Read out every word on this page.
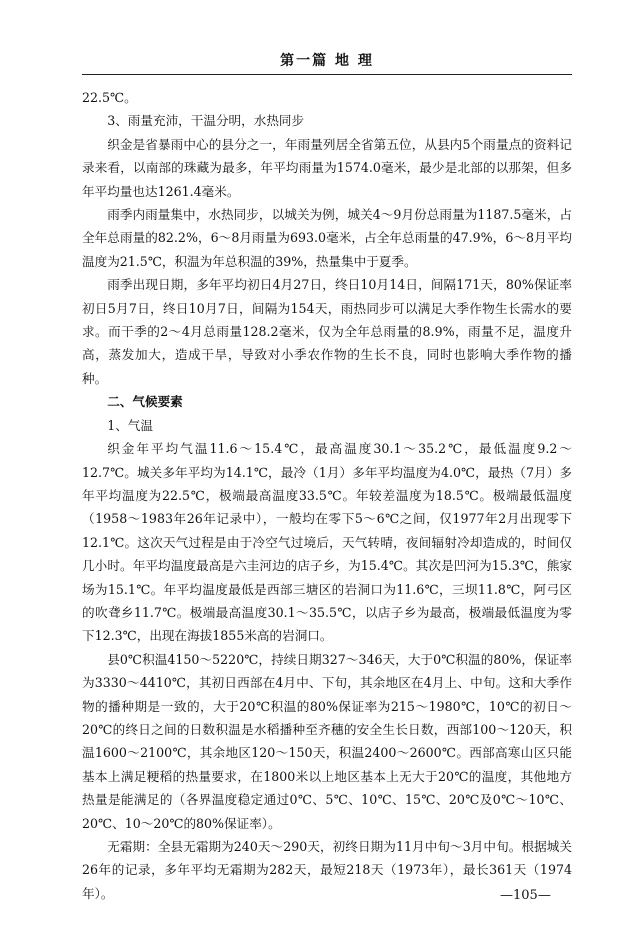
第一篇 地 理

22.5℃。

3、雨量充沛，干温分明，水热同步

织金是省暴雨中心的县分之一，年雨量列居全省第五位，从县内5个雨量点的资料记录来看，以南部的珠藏为最多，年平均雨量为1574.0毫米，最少是北部的以那架，但多年平均量也达1261.4毫米。

雨季内雨量集中，水热同步，以城关为例，城关4～9月份总雨量为1187.5毫米，占全年总雨量的82.2%，6～8月雨量为693.0毫米，占全年总雨量的47.9%，6～8月平均温度为21.5℃，积温为年总积温的39%，热量集中于夏季。

雨季出现日期，多年平均初日4月27日，终日10月14日，间隔171天，80%保证率初日5月7日，终日10月7日，间隔为154天，雨热同步可以满足大季作物生长需水的要求。而干季的2～4月总雨量128.2毫米，仅为全年总雨量的8.9%，雨量不足，温度升高，蒸发加大，造成干旱，导致对小季农作物的生长不良，同时也影响大季作物的播种。

二、气候要素

1、气温

织金年平均气温11.6～15.4℃，最高温度30.1～35.2℃，最低温度9.2～12.7℃。城关多年平均为14.1℃，最冷（1月）多年平均温度为4.0℃，最热（7月）多年平均温度为22.5℃，极端最高温度33.5℃。年较差温度为18.5℃。极端最低温度（1958～1983年26年记录中），一般均在零下5～6℃之间，仅1977年2月出现零下12.1℃。这次天气过程是由于冷空气过境后，天气转晴，夜间辐射冷却造成的，时间仅几小时。年平均温度最高是六圭河边的店子乡，为15.4℃。其次是凹河为15.3℃，熊家场为15.1℃。年平均温度最低是西部三塘区的岩洞口为11.6℃，三坝11.8℃，阿弓区的吹聋乡11.7℃。极端最高温度30.1～35.5℃，以店子乡为最高，极端最低温度为零下12.3℃，出现在海拔1855米高的岩洞口。

县0℃积温4150～5220℃，持续日期327～346天，大于0℃积温的80%，保证率为3330～4410℃，其初日西部在4月中、下旬，其余地区在4月上、中旬。这和大季作物的播种期是一致的，大于20℃积温的80%保证率为215～1980℃，10℃的初日～20℃的终日之间的日数积温是水稻播种至齐穗的安全生长日数，西部100～120天，积温1600～2100℃，其余地区120～150天，积温2400～2600℃。西部高寒山区只能基本上满足粳稻的热量要求，在1800米以上地区基本上无大于20℃的温度，其他地方热量是能满足的（各界温度稳定通过0℃、5℃、10℃、15℃、20℃及0℃～10℃、20℃、10～20℃的80%保证率）。

无霜期：全县无霜期为240天～290天，初终日期为11月中旬～3月中旬。根据城关26年的记录，多年平均无霜期为282天，最短218天（1973年），最长361天（1974年）。	—105—
